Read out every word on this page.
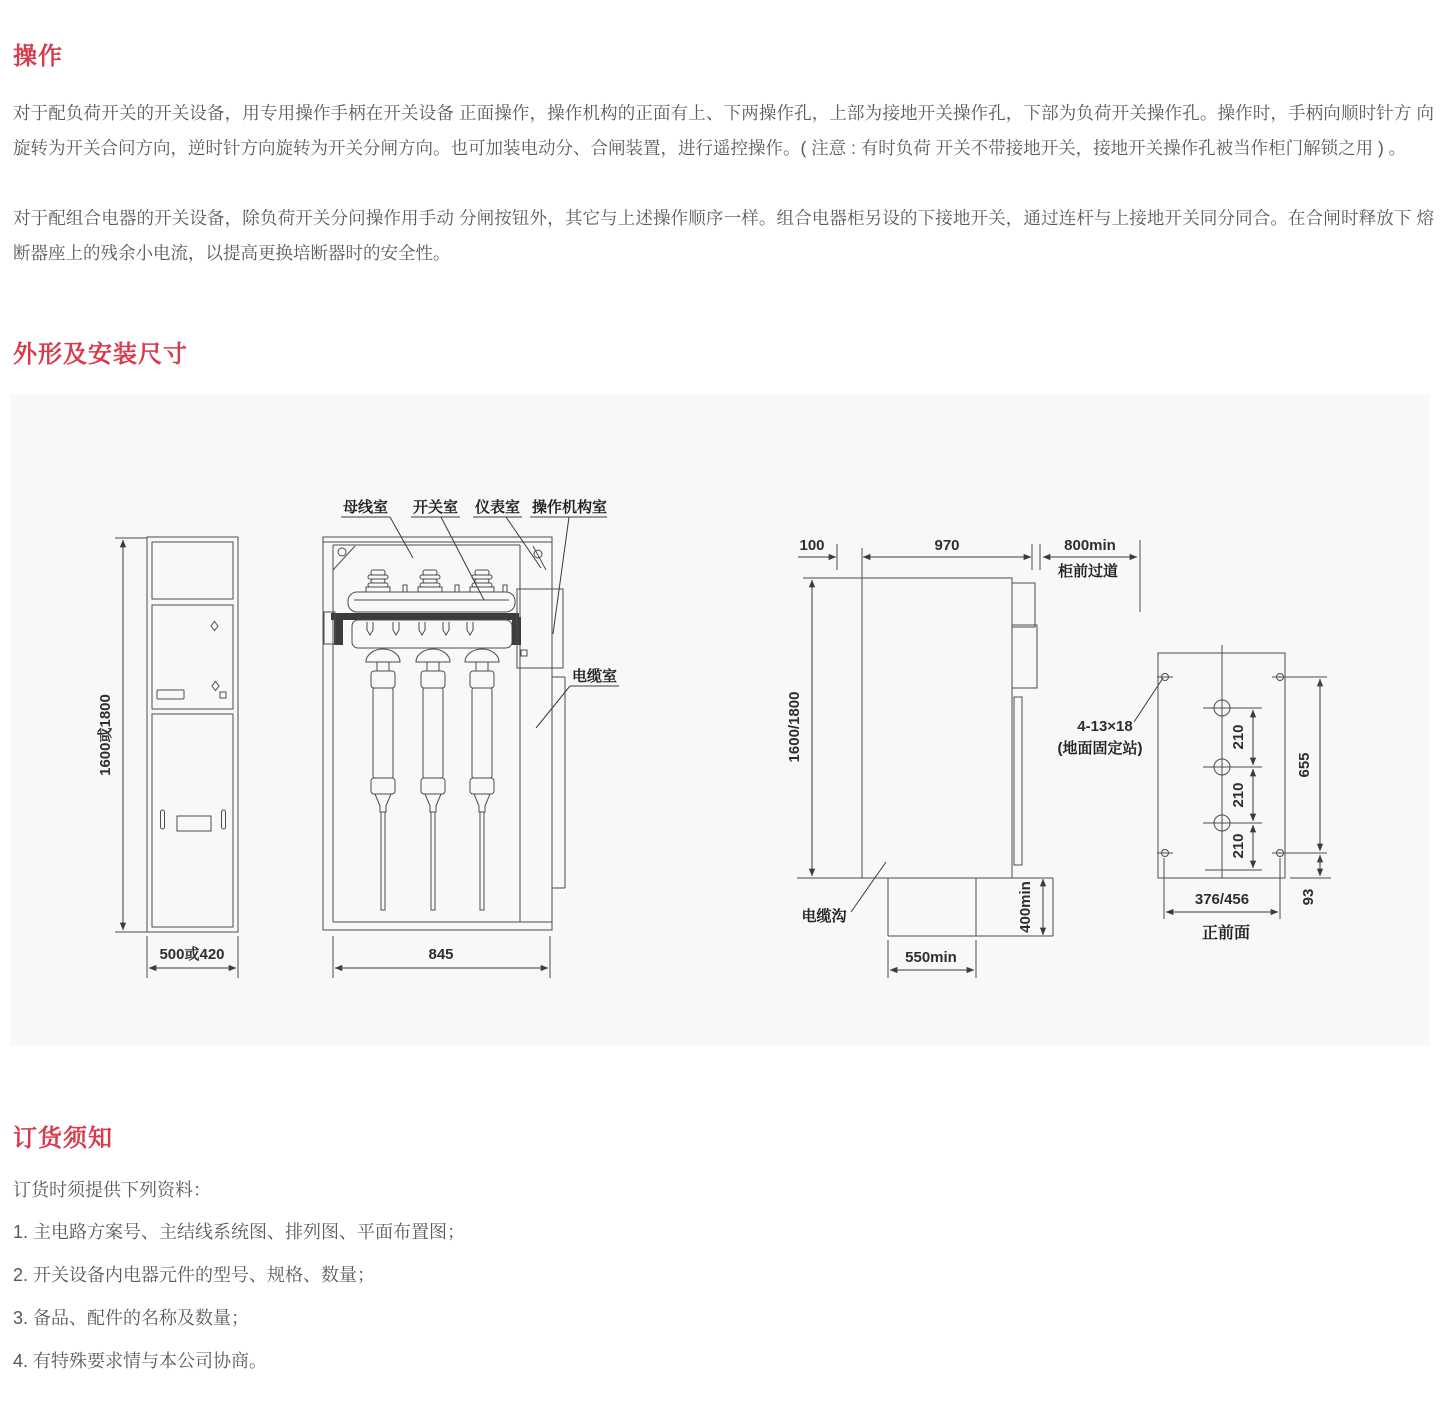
操作

对于配负荷开关的开关设备，用专用操作手柄在开关设备 正面操作，操作机构的正面有上、下两操作孔，上部为接地开关操作孔，下部为负荷开关操作孔。操作时，手柄向顺时针方 向旋转为开关合问方向，逆时针方向旋转为开关分闸方向。也可加装电动分、合闸装置，进行遥控操作。( 注意 : 有时负荷 开关不带接地开关，接地开关操作孔被当作柜门解锁之用 ) 。

对于配组合电器的开关设备，除负荷开关分问操作用手动 分闸按钮外，其它与上述操作顺序一样。组合电器柜另设的下接地开关，通过连杆与上接地开关同分同合。在合闸时释放下 熔断器座上的残余小电流，以提高更换培断器时的安全性。

外形及安装尺寸
1600或1800
500或420
母线室 开关室 仪表室 操作机构室
电缆室
845
100	970	800min
柜前过道
1600/1800
400min
550min
电缆沟
4-13×18
(地面固定站)	210
210
210
655
93
376/456
正前面
订货须知

订货时须提供下列资料：

1. 主电路方案号、主结线系统图、排列图、平面布置图；
2. 开关设备内电器元件的型号、规格、数量；
3. 备品、配件的名称及数量；
4. 有特殊要求情与本公司协商。
